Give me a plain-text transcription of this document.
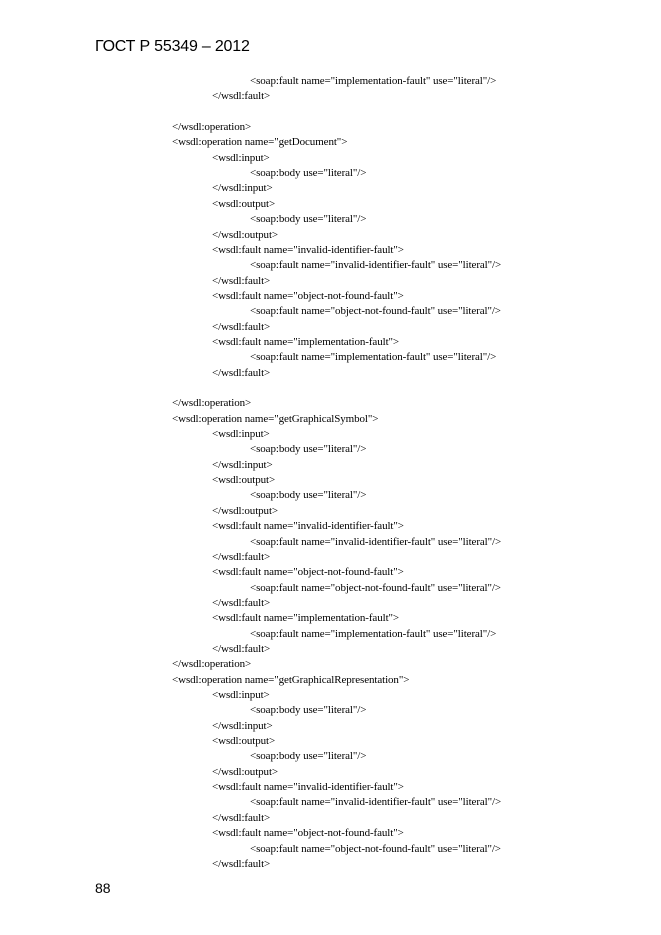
ГОСТ Р 55349 – 2012
<soap:fault name="implementation-fault" use="literal"/>
</wsdl:fault>
</wsdl:operation>
<wsdl:operation name="getDocument">
<wsdl:input>
<soap:body use="literal"/>
</wsdl:input>
<wsdl:output>
<soap:body use="literal"/>
</wsdl:output>
<wsdl:fault name="invalid-identifier-fault">
<soap:fault name="invalid-identifier-fault" use="literal"/>
</wsdl:fault>
<wsdl:fault name="object-not-found-fault">
<soap:fault name="object-not-found-fault" use="literal"/>
</wsdl:fault>
<wsdl:fault name="implementation-fault">
<soap:fault name="implementation-fault" use="literal"/>
</wsdl:fault>
</wsdl:operation>
<wsdl:operation name="getGraphicalSymbol">
<wsdl:input>
<soap:body use="literal"/>
</wsdl:input>
<wsdl:output>
<soap:body use="literal"/>
</wsdl:output>
<wsdl:fault name="invalid-identifier-fault">
<soap:fault name="invalid-identifier-fault" use="literal"/>
</wsdl:fault>
<wsdl:fault name="object-not-found-fault">
<soap:fault name="object-not-found-fault" use="literal"/>
</wsdl:fault>
<wsdl:fault name="implementation-fault">
<soap:fault name="implementation-fault" use="literal"/>
</wsdl:fault>
</wsdl:operation>
<wsdl:operation name="getGraphicalRepresentation">
<wsdl:input>
<soap:body use="literal"/>
</wsdl:input>
<wsdl:output>
<soap:body use="literal"/>
</wsdl:output>
<wsdl:fault name="invalid-identifier-fault">
<soap:fault name="invalid-identifier-fault" use="literal"/>
</wsdl:fault>
<wsdl:fault name="object-not-found-fault">
<soap:fault name="object-not-found-fault" use="literal"/>
</wsdl:fault>
88
